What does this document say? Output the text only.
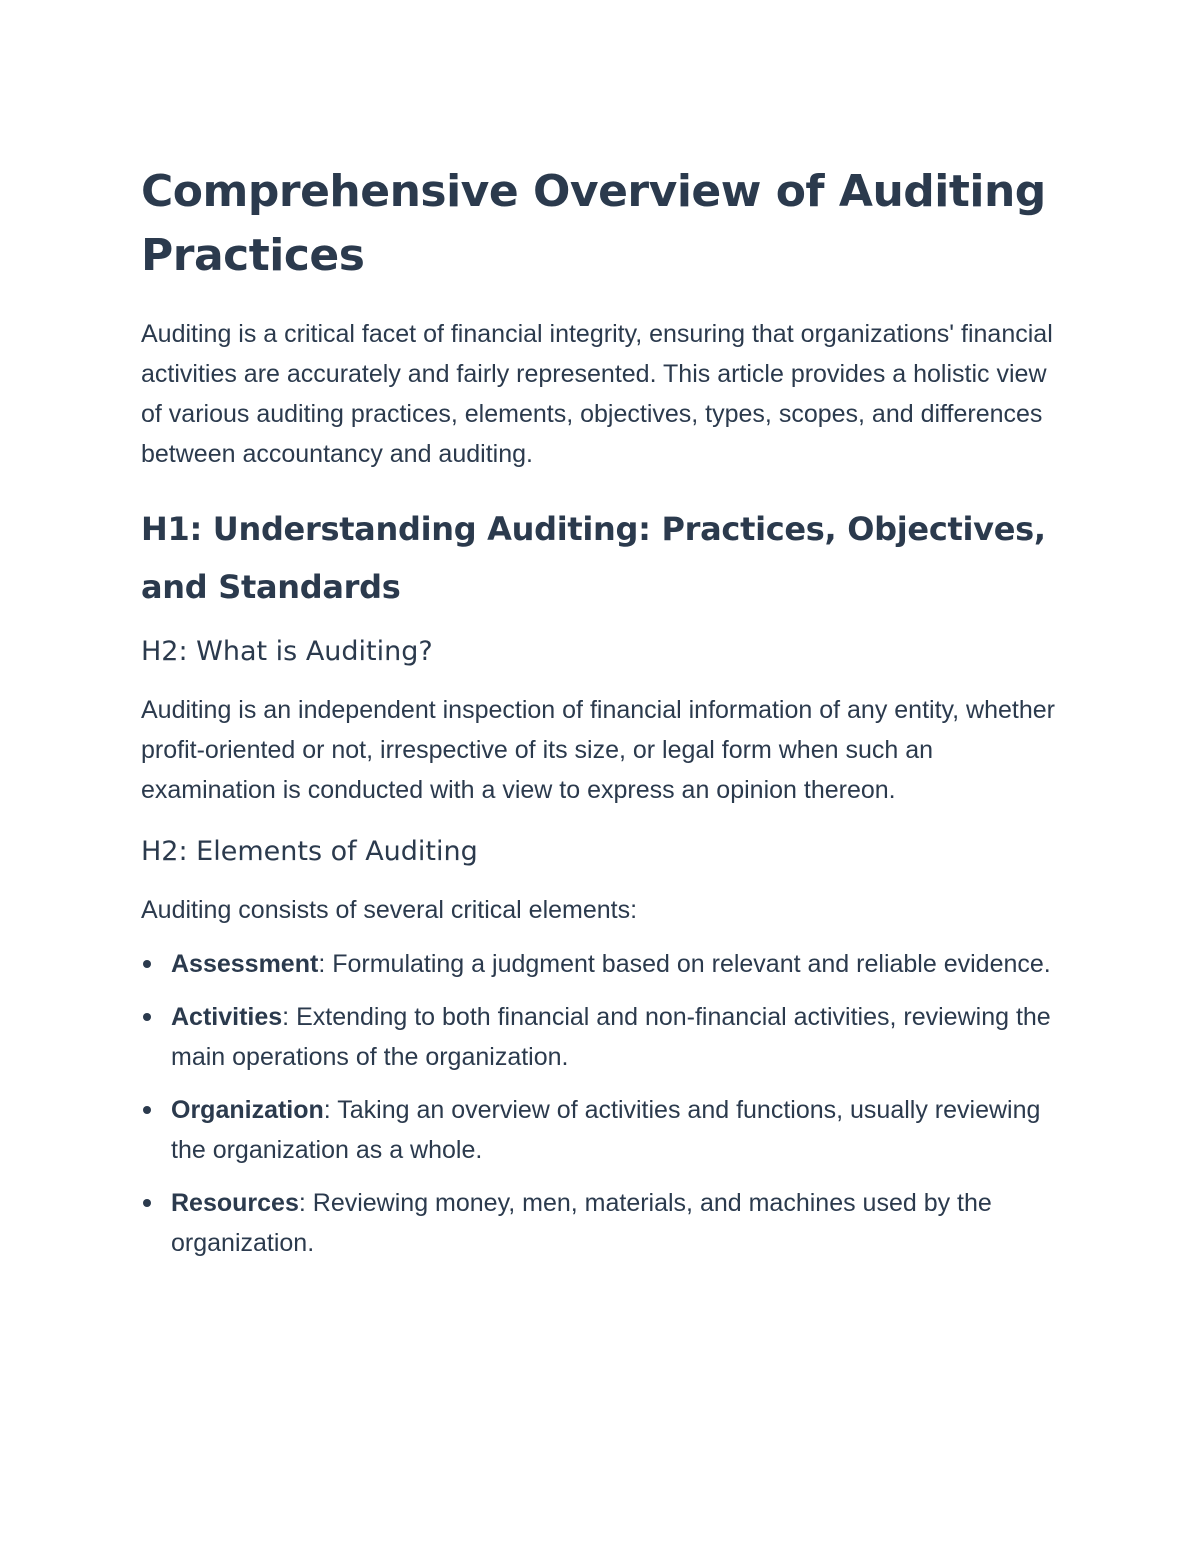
Comprehensive Overview of Auditing Practices

Auditing is a critical facet of financial integrity, ensuring that organizations' financial activities are accurately and fairly represented. This article provides a holistic view of various auditing practices, elements, objectives, types, scopes, and differences between accountancy and auditing.

H1: Understanding Auditing: Practices, Objectives, and Standards
H2: What is Auditing?

Auditing is an independent inspection of financial information of any entity, whether profit-oriented or not, irrespective of its size, or legal form when such an examination is conducted with a view to express an opinion thereon.

H2: Elements of Auditing

Auditing consists of several critical elements:

Assessment: Formulating a judgment based on relevant and reliable evidence.
Activities: Extending to both financial and non-financial activities, reviewing the main operations of the organization.
Organization: Taking an overview of activities and functions, usually reviewing the organization as a whole.
Resources: Reviewing money, men, materials, and machines used by the organization.
